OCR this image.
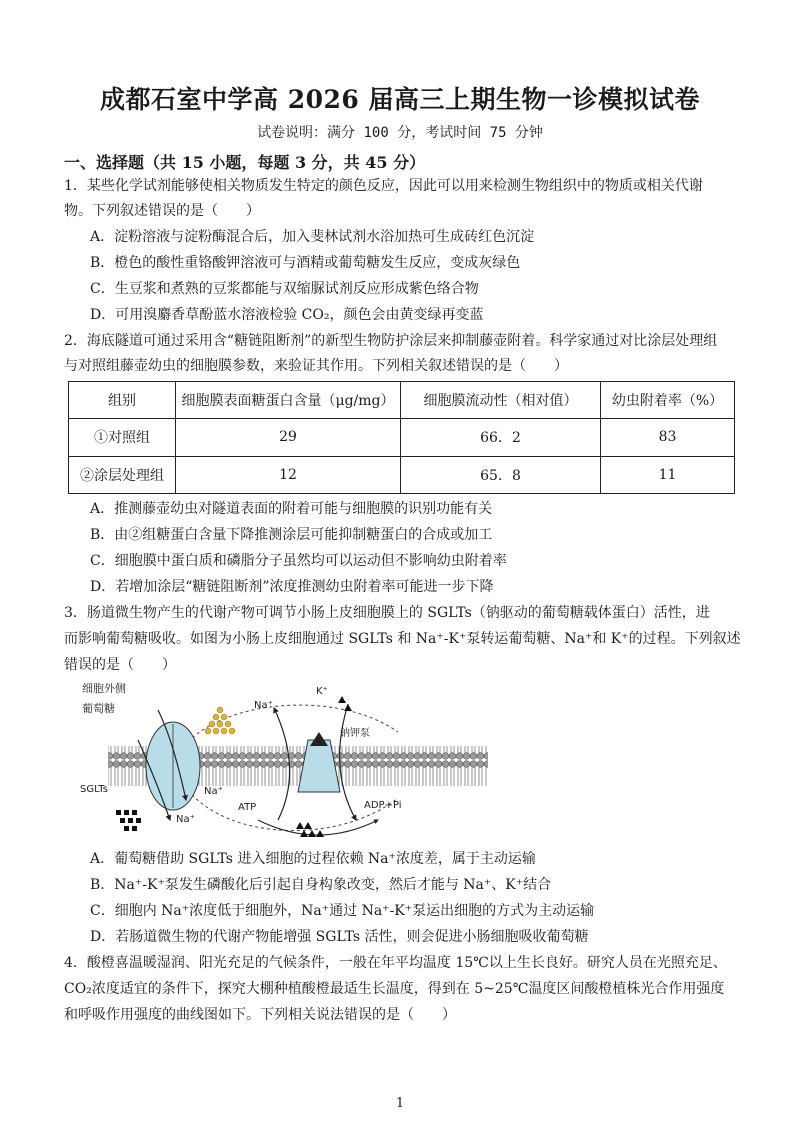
成都石室中学高 2026 届高三上期生物一诊模拟试卷
试卷说明：满分 100 分，考试时间 75 分钟
一、选择题（共 15 小题，每题 3 分，共 45 分）
1．某些化学试剂能够使相关物质发生特定的颜色反应，因此可以用来检测生物组织中的物质或相关代谢
物。下列叙述错误的是（　　）
A．淀粉溶液与淀粉酶混合后，加入斐林试剂水浴加热可生成砖红色沉淀
B．橙色的酸性重铬酸钾溶液可与酒精或葡萄糖发生反应，变成灰绿色
C．生豆浆和煮熟的豆浆都能与双缩脲试剂反应形成紫色络合物
D．可用溴麝香草酚蓝水溶液检验 CO₂，颜色会由黄变绿再变蓝
2．海底隧道可通过采用含“糖链阻断剂”的新型生物防护涂层来抑制藤壶附着。科学家通过对比涂层处理组
与对照组藤壶幼虫的细胞膜参数，来验证其作用。下列相关叙述错误的是（　　）
组别	细胞膜表面糖蛋白含量（μg/mg）	细胞膜流动性（相对值）	幼虫附着率（%）
①对照组	29	66．2	83
②涂层处理组	12	65．8	11
A．推测藤壶幼虫对隧道表面的附着可能与细胞膜的识别功能有关
B．由②组糖蛋白含量下降推测涂层可能抑制糖蛋白的合成或加工
C．细胞膜中蛋白质和磷脂分子虽然均可以运动但不影响幼虫附着率
D．若增加涂层“糖链阻断剂”浓度推测幼虫附着率可能进一步下降
3．肠道微生物产生的代谢产物可调节小肠上皮细胞膜上的 SGLTs（钠驱动的葡萄糖载体蛋白）活性，进
而影响葡萄糖吸收。如图为小肠上皮细胞通过 SGLTs 和 Na⁺-K⁺泵转运葡萄糖、Na⁺和 K⁺的过程。下列叙述
错误的是（　　）
细胞外侧
葡萄糖
SGLTs
Na⁺
K⁺
钠钾泵
Na⁺
Na⁺
ATP	ADP+Pi
A．葡萄糖借助 SGLTs 进入细胞的过程依赖 Na⁺浓度差，属于主动运输
B．Na⁺-K⁺泵发生磷酸化后引起自身构象改变，然后才能与 Na⁺、K⁺结合
C．细胞内 Na⁺浓度低于细胞外，Na⁺通过 Na⁺-K⁺泵运出细胞的方式为主动运输
D．若肠道微生物的代谢产物能增强 SGLTs 活性，则会促进小肠细胞吸收葡萄糖
4．酸橙喜温暖湿润、阳光充足的气候条件，一般在年平均温度 15℃以上生长良好。研究人员在光照充足、
CO₂浓度适宜的条件下，探究大棚种植酸橙最适生长温度，得到在 5~25℃温度区间酸橙植株光合作用强度
和呼吸作用强度的曲线图如下。下列相关说法错误的是（　　）
1
